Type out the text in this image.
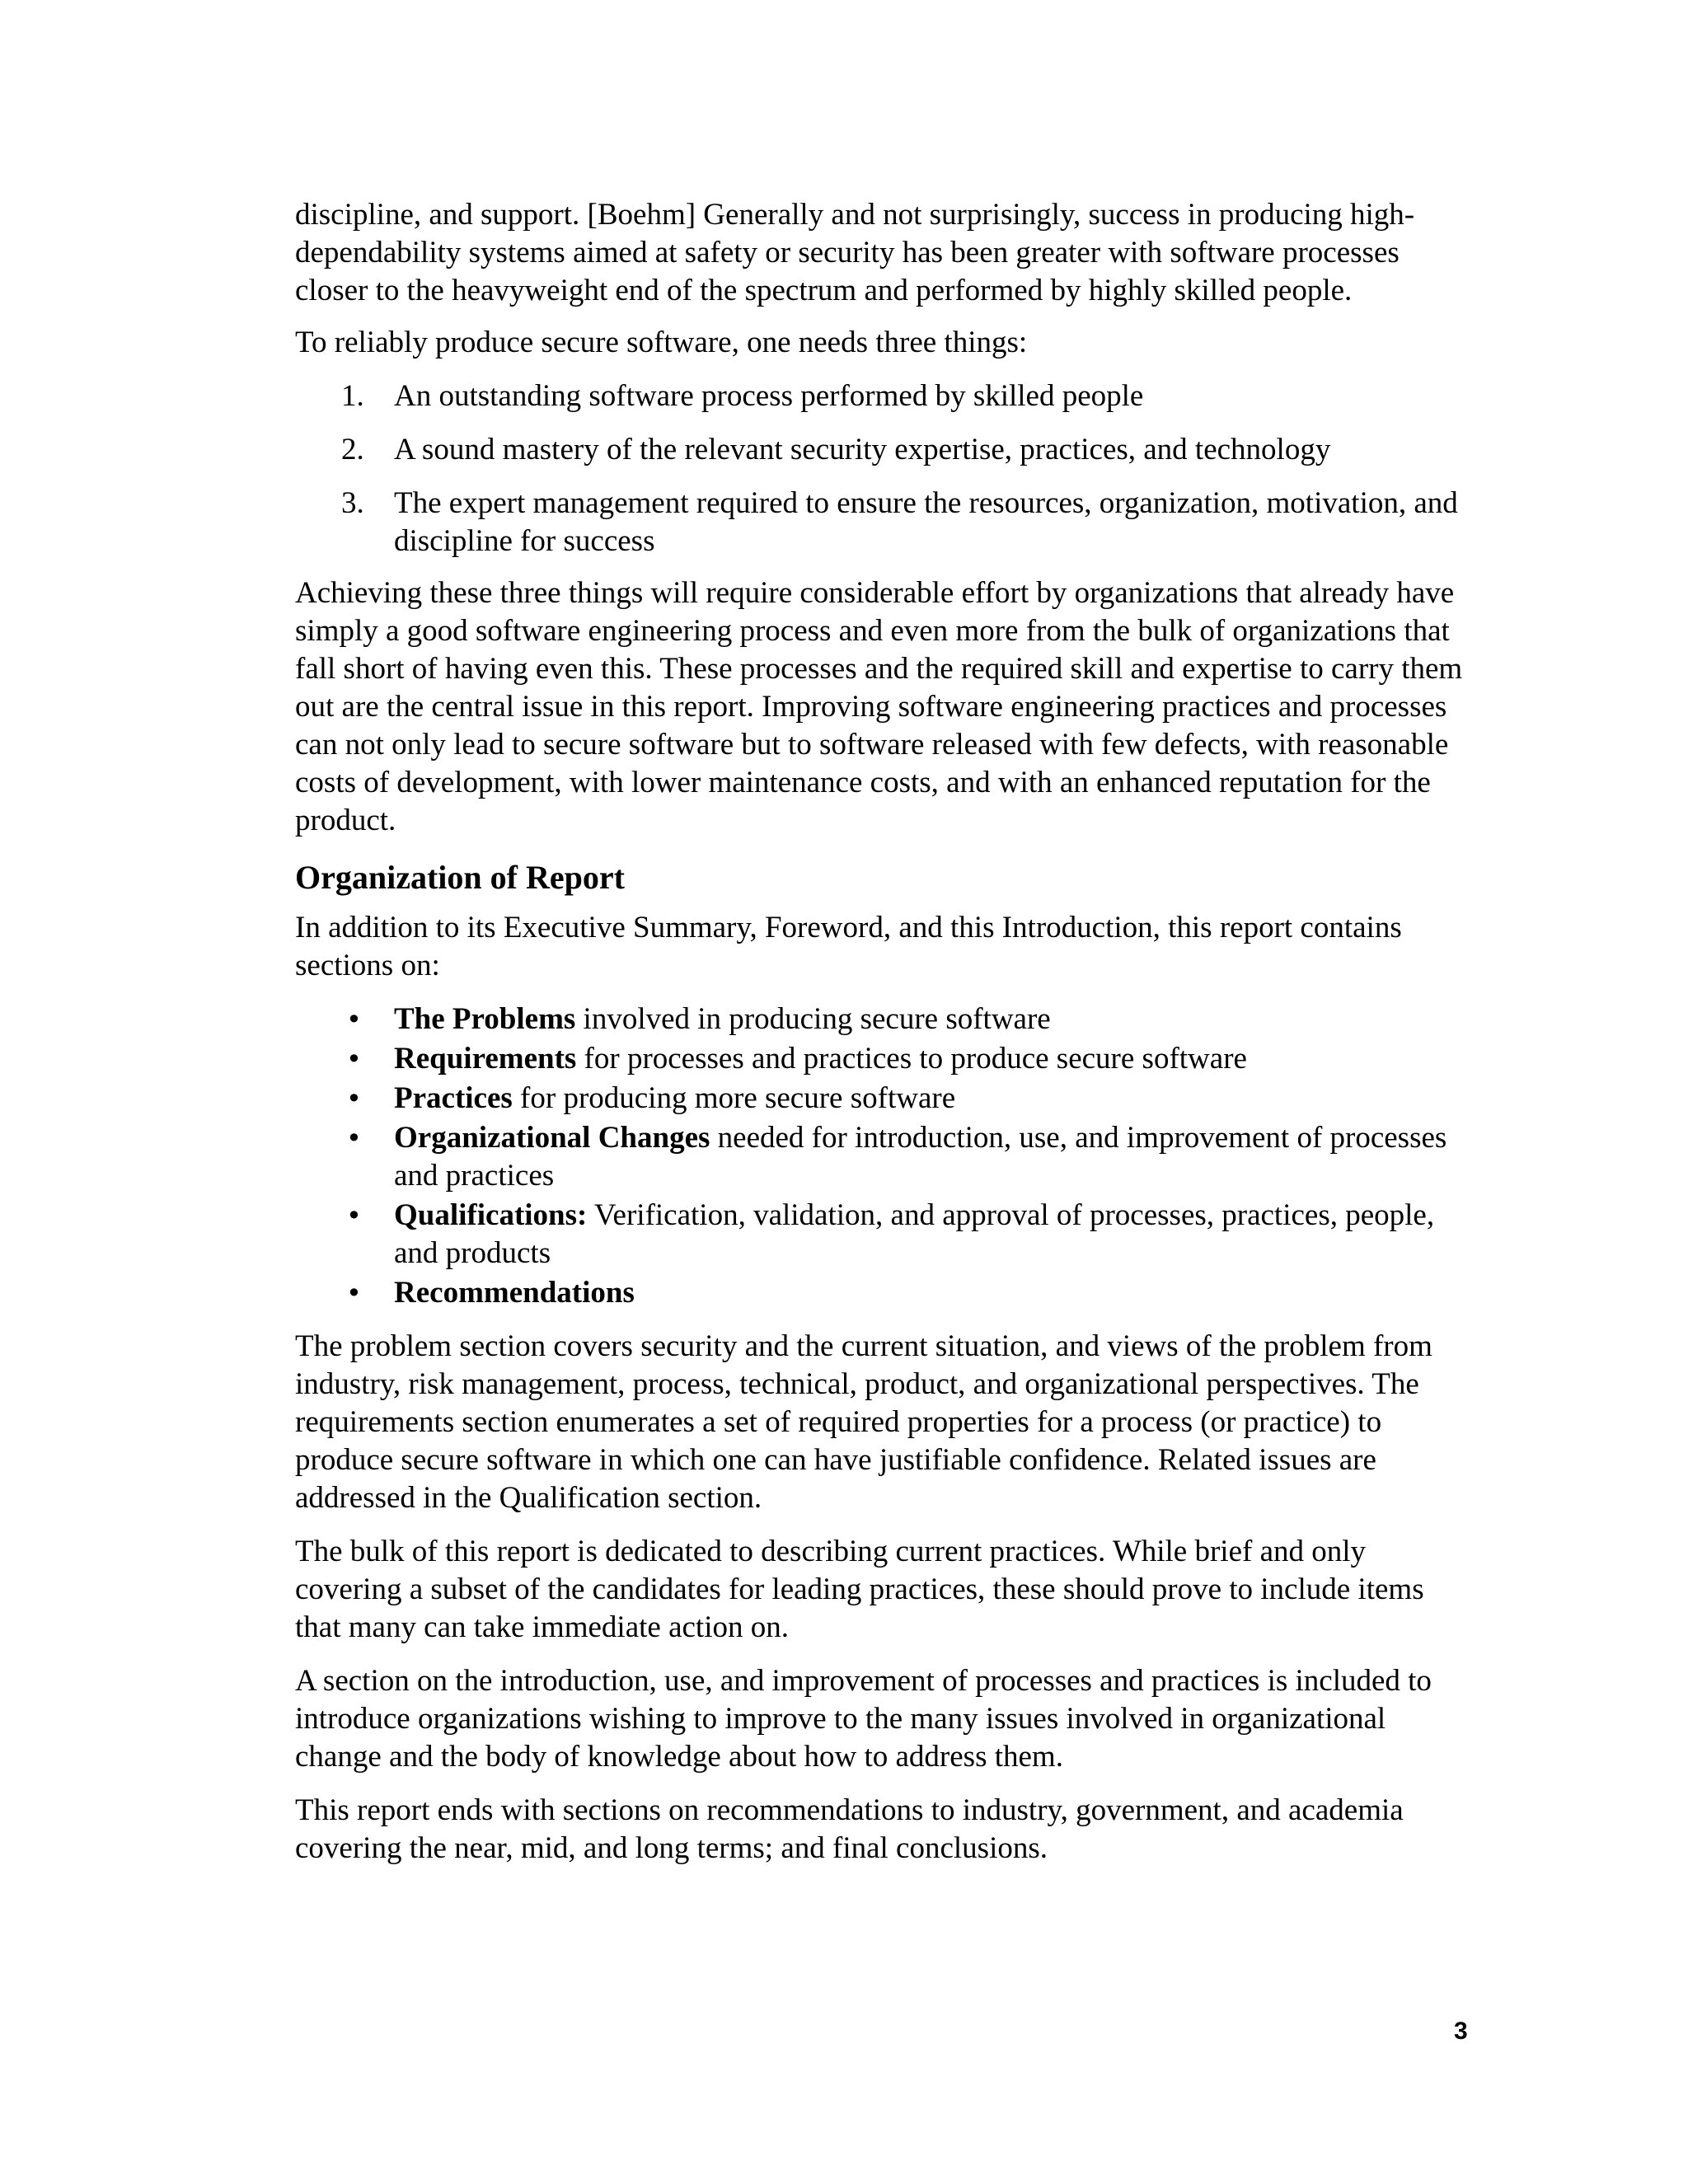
discipline, and support. [Boehm] Generally and not surprisingly, success in producing high-dependability systems aimed at safety or security has been greater with software processes closer to the heavyweight end of the spectrum and performed by highly skilled people.

To reliably produce secure software, one needs three things:

1. An outstanding software process performed by skilled people
2. A sound mastery of the relevant security expertise, practices, and technology
3. The expert management required to ensure the resources, organization, motivation, and discipline for success

Achieving these three things will require considerable effort by organizations that already have simply a good software engineering process and even more from the bulk of organizations that fall short of having even this. These processes and the required skill and expertise to carry them out are the central issue in this report. Improving software engineering practices and processes can not only lead to secure software but to software released with few defects, with reasonable costs of development, with lower maintenance costs, and with an enhanced reputation for the product.

Organization of Report

In addition to its Executive Summary, Foreword, and this Introduction, this report contains sections on:

• The Problems involved in producing secure software
• Requirements for processes and practices to produce secure software
• Practices for producing more secure software
• Organizational Changes needed for introduction, use, and improvement of processes and practices
• Qualifications: Verification, validation, and approval of processes, practices, people, and products
• Recommendations

The problem section covers security and the current situation, and views of the problem from industry, risk management, process, technical, product, and organizational perspectives. The requirements section enumerates a set of required properties for a process (or practice) to produce secure software in which one can have justifiable confidence. Related issues are addressed in the Qualification section.

The bulk of this report is dedicated to describing current practices. While brief and only covering a subset of the candidates for leading practices, these should prove to include items that many can take immediate action on.

A section on the introduction, use, and improvement of processes and practices is included to introduce organizations wishing to improve to the many issues involved in organizational change and the body of knowledge about how to address them.

This report ends with sections on recommendations to industry, government, and academia covering the near, mid, and long terms; and final conclusions.

3
